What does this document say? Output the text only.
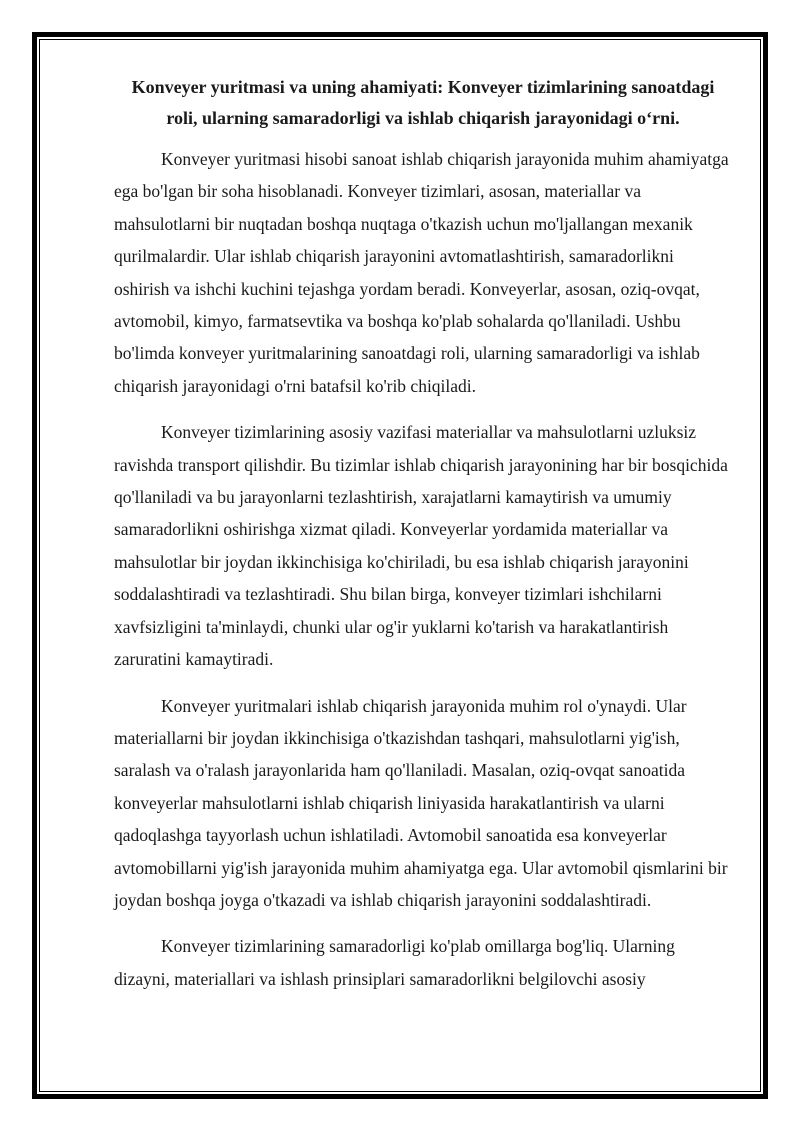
Konveyer yuritmasi va uning ahamiyati: Konveyer tizimlarining sanoatdagi roli, ularning samaradorligi va ishlab chiqarish jarayonidagi o‘rni.

Konveyer yuritmasi hisobi sanoat ishlab chiqarish jarayonida muhim ahamiyatga ega bo'lgan bir soha hisoblanadi. Konveyer tizimlari, asosan, materiallar va mahsulotlarni bir nuqtadan boshqa nuqtaga o'tkazish uchun mo'ljallangan mexanik qurilmalardir. Ular ishlab chiqarish jarayonini avtomatlashtirish, samaradorlikni oshirish va ishchi kuchini tejashga yordam beradi. Konveyerlar, asosan, oziq-ovqat, avtomobil, kimyo, farmatsevtika va boshqa ko'plab sohalarda qo'llaniladi. Ushbu bo'limda konveyer yuritmalarining sanoatdagi roli, ularning samaradorligi va ishlab chiqarish jarayonidagi o'rni batafsil ko'rib chiqiladi.

Konveyer tizimlarining asosiy vazifasi materiallar va mahsulotlarni uzluksiz ravishda transport qilishdir. Bu tizimlar ishlab chiqarish jarayonining har bir bosqichida qo'llaniladi va bu jarayonlarni tezlashtirish, xarajatlarni kamaytirish va umumiy samaradorlikni oshirishga xizmat qiladi. Konveyerlar yordamida materiallar va mahsulotlar bir joydan ikkinchisiga ko'chiriladi, bu esa ishlab chiqarish jarayonini soddalashtiradi va tezlashtiradi. Shu bilan birga, konveyer tizimlari ishchilarni xavfsizligini ta'minlaydi, chunki ular og'ir yuklarni ko'tarish va harakatlantirish zaruratini kamaytiradi.

Konveyer yuritmalari ishlab chiqarish jarayonida muhim rol o'ynaydi. Ular materiallarni bir joydan ikkinchisiga o'tkazishdan tashqari, mahsulotlarni yig'ish, saralash va o'ralash jarayonlarida ham qo'llaniladi. Masalan, oziq-ovqat sanoatida konveyerlar mahsulotlarni ishlab chiqarish liniyasida harakatlantirish va ularni qadoqlashga tayyorlash uchun ishlatiladi. Avtomobil sanoatida esa konveyerlar avtomobillarni yig'ish jarayonida muhim ahamiyatga ega. Ular avtomobil qismlarini bir joydan boshqa joyga o'tkazadi va ishlab chiqarish jarayonini soddalashtiradi.

Konveyer tizimlarining samaradorligi ko'plab omillarga bog'liq. Ularning dizayni, materiallari va ishlash prinsiplari samaradorlikni belgilovchi asosiy
